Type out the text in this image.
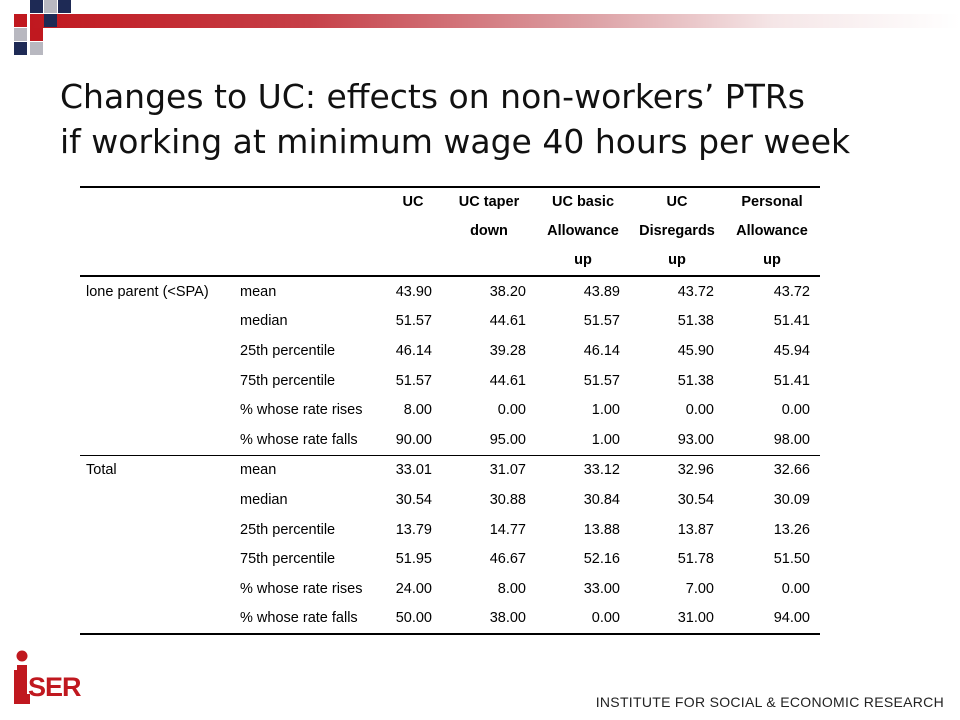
Changes to UC: effects on non-workers’ PTRs
if working at minimum wage 40 hours per week
		UC	UC taper	UC basic	UC	Personal
			down	Allowance	Disregards	Allowance
				up	up	up
lone parent (<SPA)	mean	43.90	38.20	43.89	43.72	43.72
	median	51.57	44.61	51.57	51.38	51.41
	25th percentile	46.14	39.28	46.14	45.90	45.94
	75th percentile	51.57	44.61	51.57	51.38	51.41
	% whose rate rises	8.00	0.00	1.00	0.00	0.00
	% whose rate falls	90.00	95.00	1.00	93.00	98.00
Total	mean	33.01	31.07	33.12	32.96	32.66
	median	30.54	30.88	30.84	30.54	30.09
	25th percentile	13.79	14.77	13.88	13.87	13.26
	75th percentile	51.95	46.67	52.16	51.78	51.50
	% whose rate rises	24.00	8.00	33.00	7.00	0.00
	% whose rate falls	50.00	38.00	0.00	31.00	94.00
SER	INSTITUTE FOR SOCIAL & ECONOMIC RESEARCH
